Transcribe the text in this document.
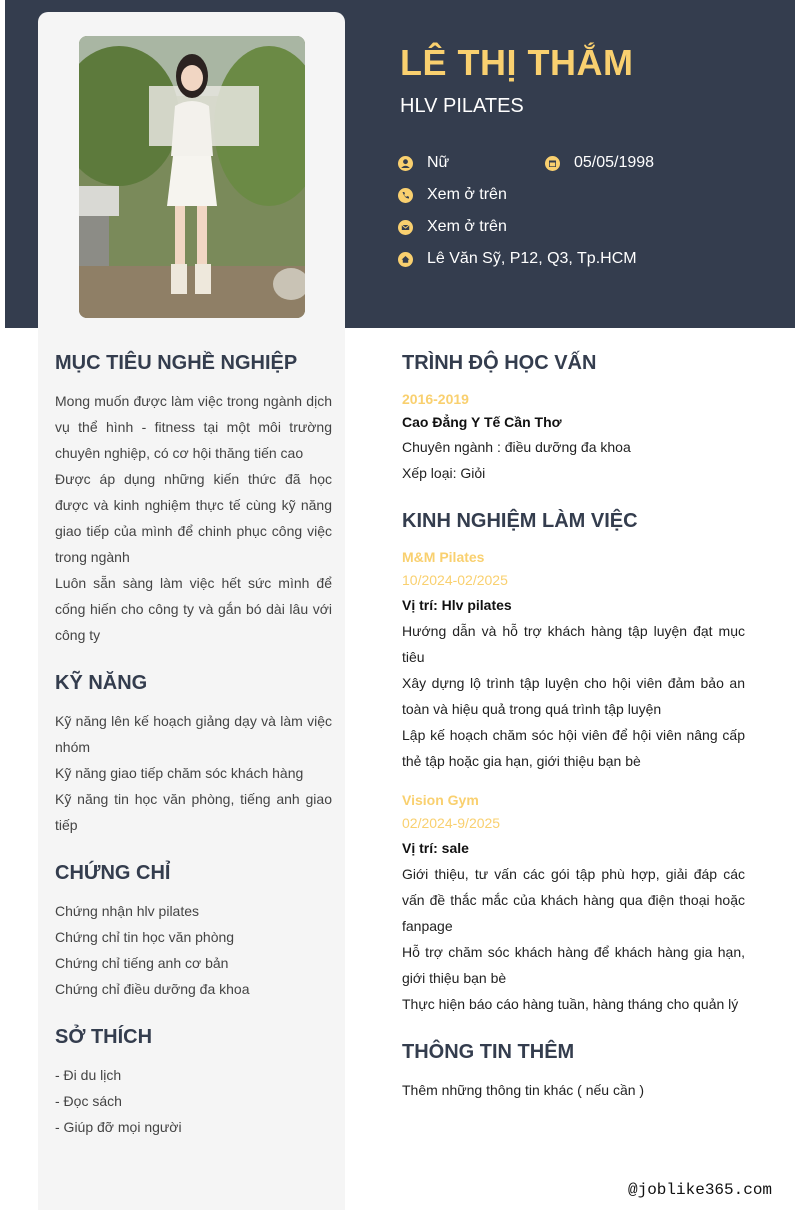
LÊ THỊ THẮM
HLV PILATES
Nữ	05/05/1998
Xem ở trên
Xem ở trên
Lê Văn Sỹ, P12, Q3, Tp.HCM
MỤC TIÊU NGHỀ NGHIỆP

Mong muốn được làm việc trong ngành dịch vụ thể hình - fitness tại một môi trường chuyên nghiệp, có cơ hội thăng tiến cao

Được áp dụng những kiến thức đã học được và kinh nghiệm thực tế cùng kỹ năng giao tiếp của mình để chinh phục công việc trong ngành

Luôn sẵn sàng làm việc hết sức mình để cống hiến cho công ty và gắn bó dài lâu với công ty

KỸ NĂNG

Kỹ năng lên kế hoạch giảng dạy và làm việc nhóm

Kỹ năng giao tiếp chăm sóc khách hàng

Kỹ năng tin học văn phòng, tiếng anh giao tiếp

CHỨNG CHỈ

Chứng nhận hlv pilates

Chứng chỉ tin học văn phòng

Chứng chỉ tiếng anh cơ bản

Chứng chỉ điều dưỡng đa khoa

SỞ THÍCH

- Đi du lịch

- Đọc sách

- Giúp đỡ mọi người

TRÌNH ĐỘ HỌC VẤN

2016-2019

Cao Đẳng Y Tế Cần Thơ

Chuyên ngành : điều dưỡng đa khoa

Xếp loại: Giỏi

KINH NGHIỆM LÀM VIỆC

M&M Pilates

10/2024-02/2025

Vị trí: Hlv pilates

Hướng dẫn và hỗ trợ khách hàng tập luyện đạt mục tiêu

Xây dựng lộ trình tập luyện cho hội viên đảm bảo an toàn và hiệu quả trong quá trình tập luyện

Lập kế hoạch chăm sóc hội viên để hội viên nâng cấp thẻ tập hoặc gia hạn, giới thiệu bạn bè

Vision Gym

02/2024-9/2025

Vị trí: sale

Giới thiệu, tư vấn các gói tập phù hợp, giải đáp các vấn đề thắc mắc của khách hàng qua điện thoại hoặc fanpage

Hỗ trợ chăm sóc khách hàng để khách hàng gia hạn, giới thiệu bạn bè

Thực hiện báo cáo hàng tuần, hàng tháng cho quản lý

THÔNG TIN THÊM
Thêm những thông tin khác ( nếu cần )
@joblike365.com
